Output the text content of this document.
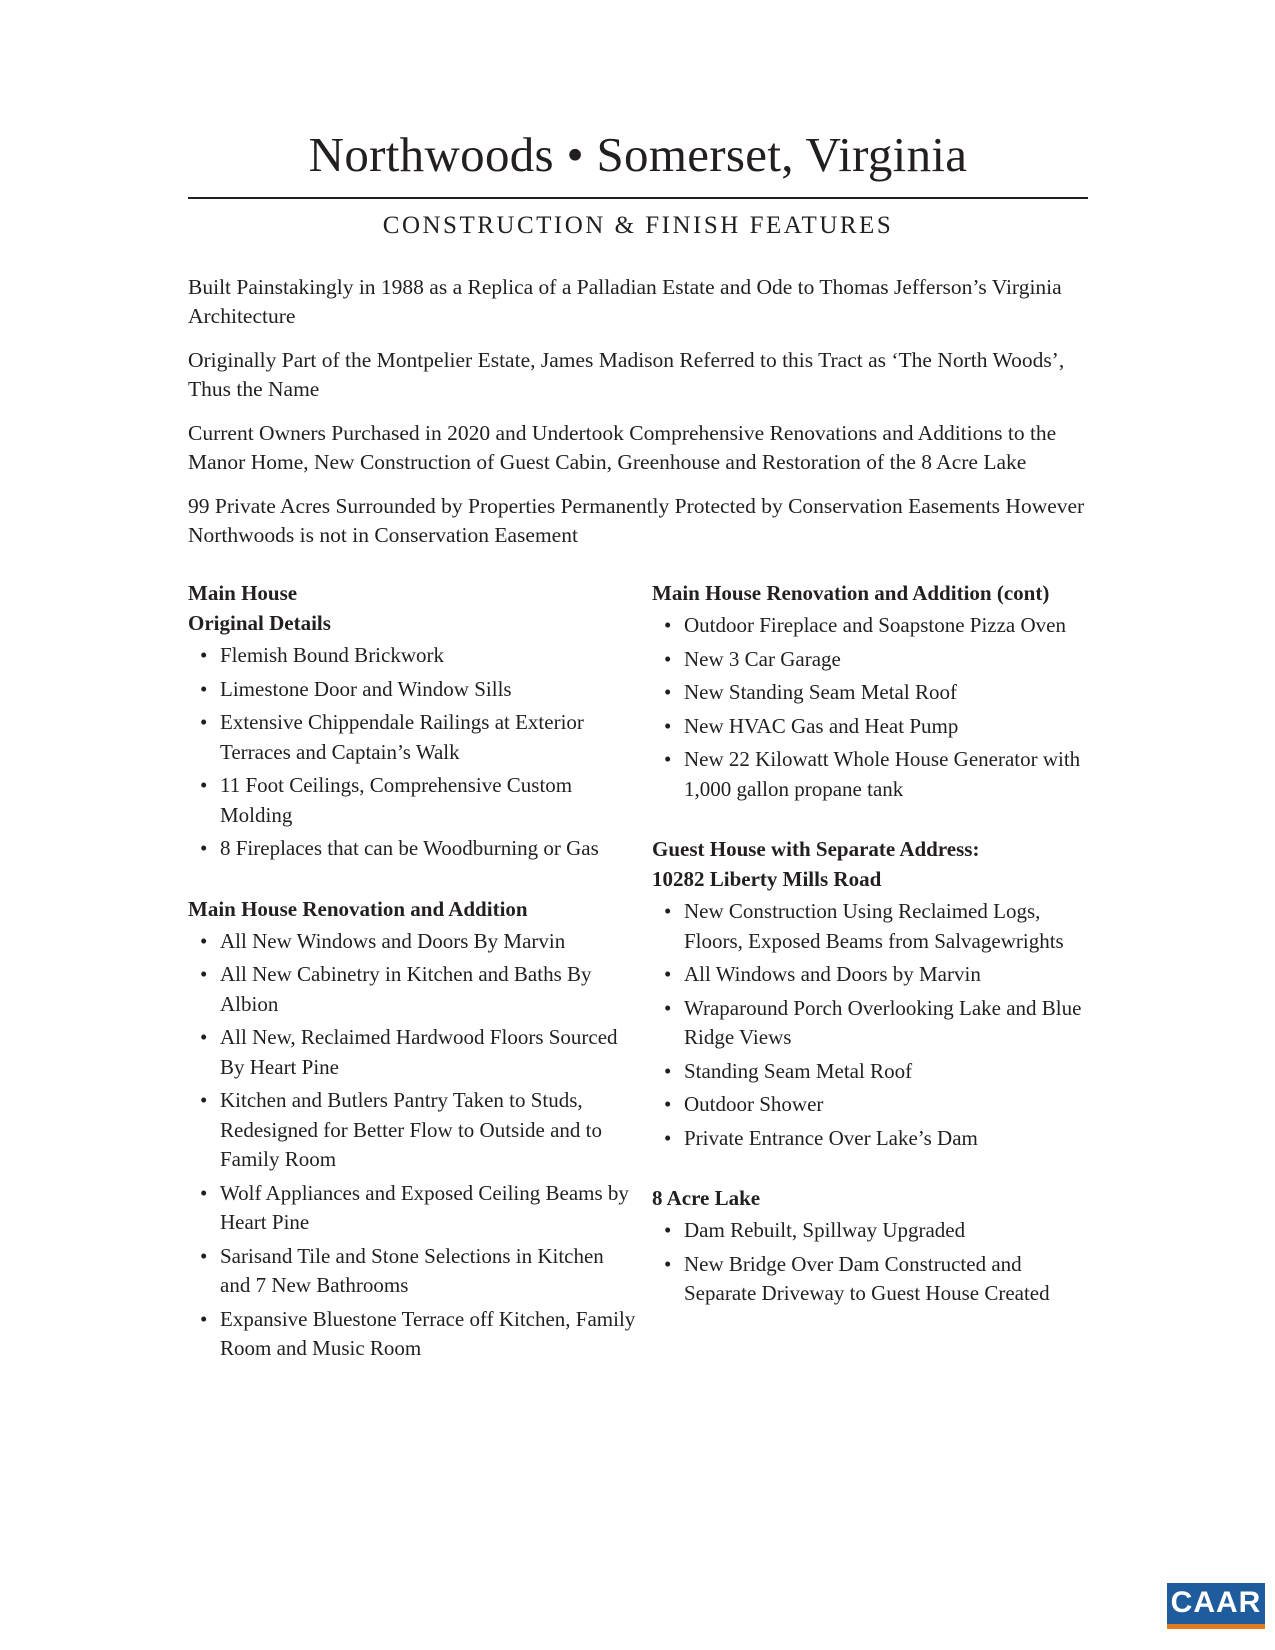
Northwoods • Somerset, Virginia
CONSTRUCTION & FINISH FEATURES

Built Painstakingly in 1988 as a Replica of a Palladian Estate and Ode to Thomas Jefferson’s Virginia Architecture

Originally Part of the Montpelier Estate, James Madison Referred to this Tract as ‘The North Woods’, Thus the Name

Current Owners Purchased in 2020 and Undertook Comprehensive Renovations and Additions to the Manor Home, New Construction of Guest Cabin, Greenhouse and Restoration of the 8 Acre Lake

99 Private Acres Surrounded by Properties Permanently Protected by Conservation Easements However Northwoods is not in Conservation Easement

Main House
Original Details
• Flemish Bound Brickwork
• Limestone Door and Window Sills
• Extensive Chippendale Railings at Exterior Terraces and Captain’s Walk
• 11 Foot Ceilings, Comprehensive Custom Molding
• 8 Fireplaces that can be Woodburning or Gas
Main House Renovation and Addition
• All New Windows and Doors By Marvin
• All New Cabinetry in Kitchen and Baths By Albion
• All New, Reclaimed Hardwood Floors Sourced By Heart Pine
• Kitchen and Butlers Pantry Taken to Studs, Redesigned for Better Flow to Outside and to Family Room
• Wolf Appliances and Exposed Ceiling Beams by Heart Pine
• Sarisand Tile and Stone Selections in Kitchen and 7 New Bathrooms
• Expansive Bluestone Terrace off Kitchen, Family Room and Music Room
Main House Renovation and Addition (cont)
• Outdoor Fireplace and Soapstone Pizza Oven
• New 3 Car Garage
• New Standing Seam Metal Roof
• New HVAC Gas and Heat Pump
• New 22 Kilowatt Whole House Generator with 1,000 gallon propane tank
Guest House with Separate Address:
10282 Liberty Mills Road
• New Construction Using Reclaimed Logs, Floors, Exposed Beams from Salvagewrights
• All Windows and Doors by Marvin
• Wraparound Porch Overlooking Lake and Blue Ridge Views
• Standing Seam Metal Roof
• Outdoor Shower
• Private Entrance Over Lake’s Dam
8 Acre Lake
• Dam Rebuilt, Spillway Upgraded
• New Bridge Over Dam Constructed and Separate Driveway to Guest House Created
CAAR
